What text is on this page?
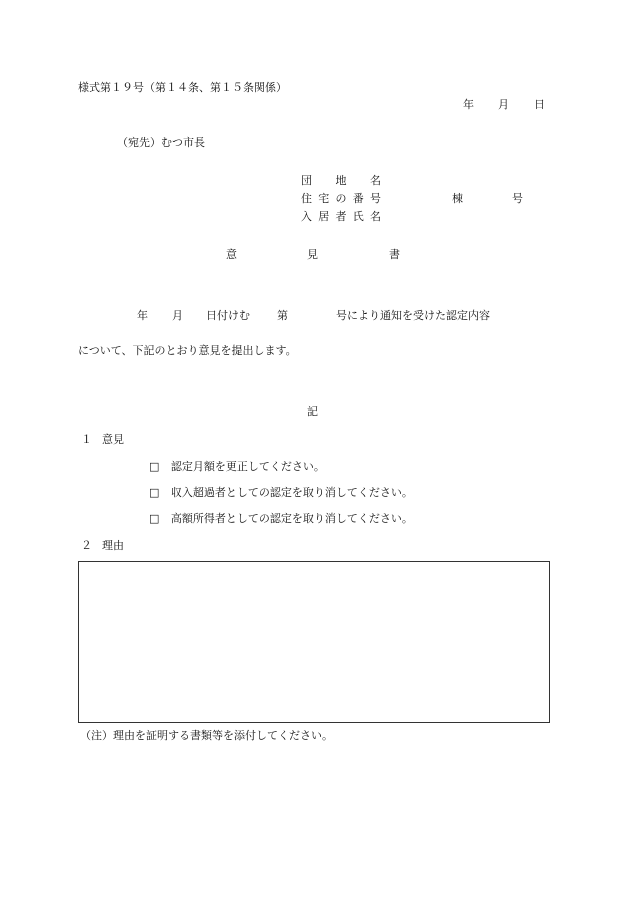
様式第１９号（第１４条、第１５条関係）
年 月 日
（宛先）むつ市長
団 地 名
住 宅 の 番 号	棟	号
入 居 者 氏 名
意	見	書
年 月 日付けむ 第	号により通知を受けた認定内容
について、下記のとおり意見を提出します。
記
１ 意見
□ 認定月額を更正してください。
□ 収入超過者としての認定を取り消してください。
□ 高額所得者としての認定を取り消してください。
２ 理由
（注）理由を証明する書類等を添付してください。
